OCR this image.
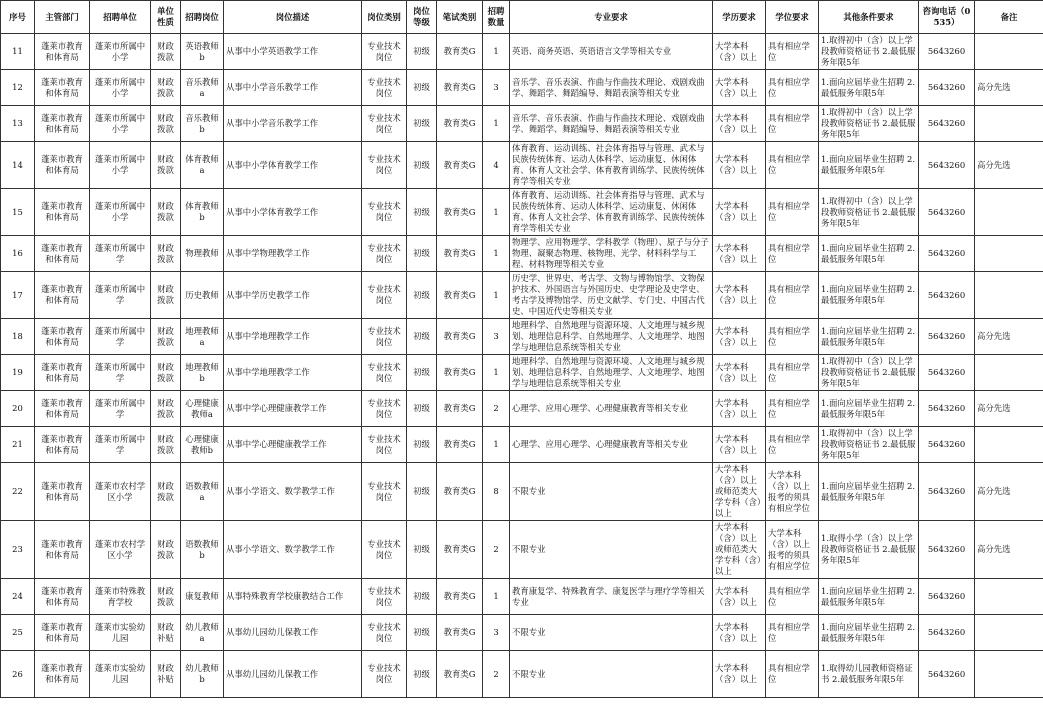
序号	主管部门	招聘单位	单位性质	招聘岗位	岗位描述	岗位类别	岗位等级	笔试类别	招聘数量	专业要求	学历要求	学位要求	其他条件要求	咨询电话（0535）	备注
11	蓬莱市教育和体育局	蓬莱市所属中小学	财政拨款	英语教师b	从事中小学英语教学工作	专业技术岗位	初级	教育类G	1	英语、商务英语、英语语言文学等相关专业	大学本科（含）以上	具有相应学位	1.取得初中（含）以上学段教师资格证书 2.最低服务年限5年	5643260	
12	蓬莱市教育和体育局	蓬莱市所属中小学	财政拨款	音乐教师a	从事中小学音乐教学工作	专业技术岗位	初级	教育类G	3	音乐学、音乐表演、作曲与作曲技术理论、戏剧戏曲学、舞蹈学、舞蹈编导、舞蹈表演等相关专业	大学本科（含）以上	具有相应学位	1.面向应届毕业生招聘 2.最低服务年限5年	5643260	高分先选
13	蓬莱市教育和体育局	蓬莱市所属中小学	财政拨款	音乐教师b	从事中小学音乐教学工作	专业技术岗位	初级	教育类G	1	音乐学、音乐表演、作曲与作曲技术理论、戏剧戏曲学、舞蹈学、舞蹈编导、舞蹈表演等相关专业	大学本科（含）以上	具有相应学位	1.取得初中（含）以上学段教师资格证书 2.最低服务年限5年	5643260	
14	蓬莱市教育和体育局	蓬莱市所属中小学	财政拨款	体育教师a	从事中小学体育教学工作	专业技术岗位	初级	教育类G	4	体育教育、运动训练、社会体育指导与管理、武术与民族传统体育、运动人体科学、运动康复、休闲体育、体育人文社会学、体育教育训练学、民族传统体育学等相关专业	大学本科（含）以上	具有相应学位	1.面向应届毕业生招聘 2.最低服务年限5年	5643260	高分先选
15	蓬莱市教育和体育局	蓬莱市所属中小学	财政拨款	体育教师b	从事中小学体育教学工作	专业技术岗位	初级	教育类G	1	体育教育、运动训练、社会体育指导与管理、武术与民族传统体育、运动人体科学、运动康复、休闲体育、体育人文社会学、体育教育训练学、民族传统体育学等相关专业	大学本科（含）以上	具有相应学位	1.取得初中（含）以上学段教师资格证书 2.最低服务年限5年	5643260	
16	蓬莱市教育和体育局	蓬莱市所属中学	财政拨款	物理教师	从事中学物理教学工作	专业技术岗位	初级	教育类G	1	物理学、应用物理学、学科教学（物理）、原子与分子物理、凝聚态物理、核物理、光学、材料科学与工程、材料物理等相关专业	大学本科（含）以上	具有相应学位	1.面向应届毕业生招聘 2.最低服务年限5年	5643260	
17	蓬莱市教育和体育局	蓬莱市所属中学	财政拨款	历史教师	从事中学历史教学工作	专业技术岗位	初级	教育类G	1	历史学、世界史、考古学、文物与博物馆学、文物保护技术、外国语言与外国历史、史学理论及史学史、考古学及博物馆学、历史文献学、专门史、中国古代史、中国近代史等相关专业	大学本科（含）以上	具有相应学位	1.面向应届毕业生招聘 2.最低服务年限5年	5643260	
18	蓬莱市教育和体育局	蓬莱市所属中学	财政拨款	地理教师a	从事中学地理教学工作	专业技术岗位	初级	教育类G	3	地理科学、自然地理与资源环境、人文地理与城乡规划、地理信息科学、自然地理学、人文地理学、地图学与地理信息系统等相关专业	大学本科（含）以上	具有相应学位	1.面向应届毕业生招聘 2.最低服务年限5年	5643260	高分先选
19	蓬莱市教育和体育局	蓬莱市所属中学	财政拨款	地理教师b	从事中学地理教学工作	专业技术岗位	初级	教育类G	1	地理科学、自然地理与资源环境、人文地理与城乡规划、地理信息科学、自然地理学、人文地理学、地图学与地理信息系统等相关专业	大学本科（含）以上	具有相应学位	1.取得初中（含）以上学段教师资格证书 2.最低服务年限5年	5643260	
20	蓬莱市教育和体育局	蓬莱市所属中学	财政拨款	心理健康教师a	从事中学心理健康教学工作	专业技术岗位	初级	教育类G	2	心理学、应用心理学、心理健康教育等相关专业	大学本科（含）以上	具有相应学位	1.面向应届毕业生招聘 2.最低服务年限5年	5643260	高分先选
21	蓬莱市教育和体育局	蓬莱市所属中学	财政拨款	心理健康教师b	从事中学心理健康教学工作	专业技术岗位	初级	教育类G	1	心理学、应用心理学、心理健康教育等相关专业	大学本科（含）以上	具有相应学位	1.取得初中（含）以上学段教师资格证书 2.最低服务年限5年	5643260	
22	蓬莱市教育和体育局	蓬莱市农村学区小学	财政拨款	语数教师a	从事小学语文、数学教学工作	专业技术岗位	初级	教育类G	8	不限专业	大学本科（含）以上或师范类大学专科（含）以上	大学本科（含）以上报考的须具有相应学位	1.面向应届毕业生招聘 2.最低服务年限5年	5643260	高分先选
23	蓬莱市教育和体育局	蓬莱市农村学区小学	财政拨款	语数教师b	从事小学语文、数学教学工作	专业技术岗位	初级	教育类G	2	不限专业	大学本科（含）以上或师范类大学专科（含）以上	大学本科（含）以上报考的须具有相应学位	1.取得小学（含）以上学段教师资格证书 2.最低服务年限5年	5643260	高分先选
24	蓬莱市教育和体育局	蓬莱市特殊教育学校	财政拨款	康复教师	从事特殊教育学校康教结合工作	专业技术岗位	初级	教育类G	1	教育康复学、特殊教育学、康复医学与理疗学等相关专业	大学本科（含）以上	具有相应学位	1.面向应届毕业生招聘 2.最低服务年限5年	5643260	
25	蓬莱市教育和体育局	蓬莱市实验幼儿园	财政补贴	幼儿教师a	从事幼儿园幼儿保教工作	专业技术岗位	初级	教育类G	3	不限专业	大学本科（含）以上	具有相应学位	1.面向应届毕业生招聘 2.最低服务年限5年	5643260	
26	蓬莱市教育和体育局	蓬莱市实验幼儿园	财政补贴	幼儿教师b	从事幼儿园幼儿保教工作	专业技术岗位	初级	教育类G	2	不限专业	大学本科（含）以上	具有相应学位	1.取得幼儿园教师资格证书 2.最低服务年限5年	5643260	
